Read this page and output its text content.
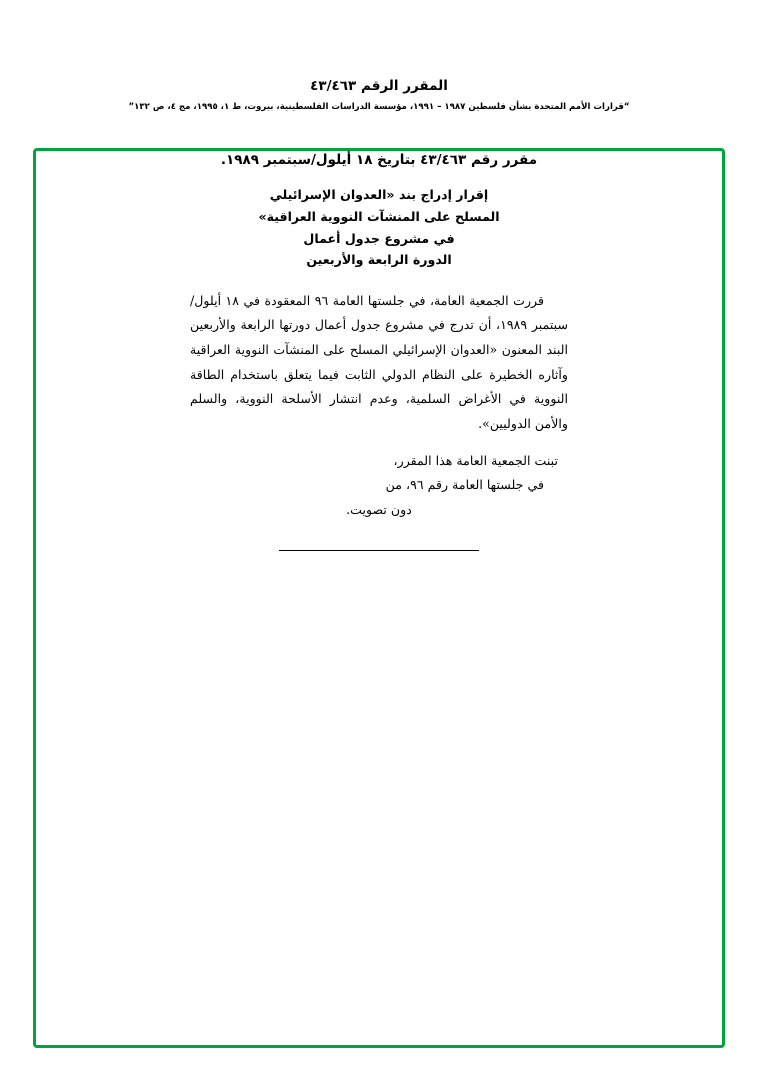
المقرر الرقم ٤٣/٤٦٣
“قرارات الأمم المتحدة بشأن فلسطين ١٩٨٧ – ١٩٩١، مؤسسة الدراسات الفلسطينية، بيروت، ط ١، ١٩٩٥، مج ٤، ص ١٣٢”
مقرر رقم ٤٣/٤٦٣ بتاريخ ١٨ أيلول/سبتمبر ١٩٨٩.
إقرار إدراج بند «العدوان الإسرائيلي
المسلح على المنشآت النووية العراقية»
في مشروع جدول أعمال
الدورة الرابعة والأربعين

قررت الجمعية العامة، في جلستها العامة ٩٦ المعقودة في ١٨ أيلول/سبتمبر ١٩٨٩، أن تدرج في مشروع جدول أعمال دورتها الرابعة والأربعين البند المعنون «العدوان الإسرائيلي المسلح على المنشآت النووية العراقية وآثاره الخطيرة على النظام الدولي الثابت فيما يتعلق باستخدام الطاقة النووية في الأغراض السلمية، وعدم انتشار الأسلحة النووية، والسلم والأمن الدوليين».

تبنت الجمعية العامة هذا المقرر،
في جلستها العامة رقم ٩٦، من
دون تصويت.
